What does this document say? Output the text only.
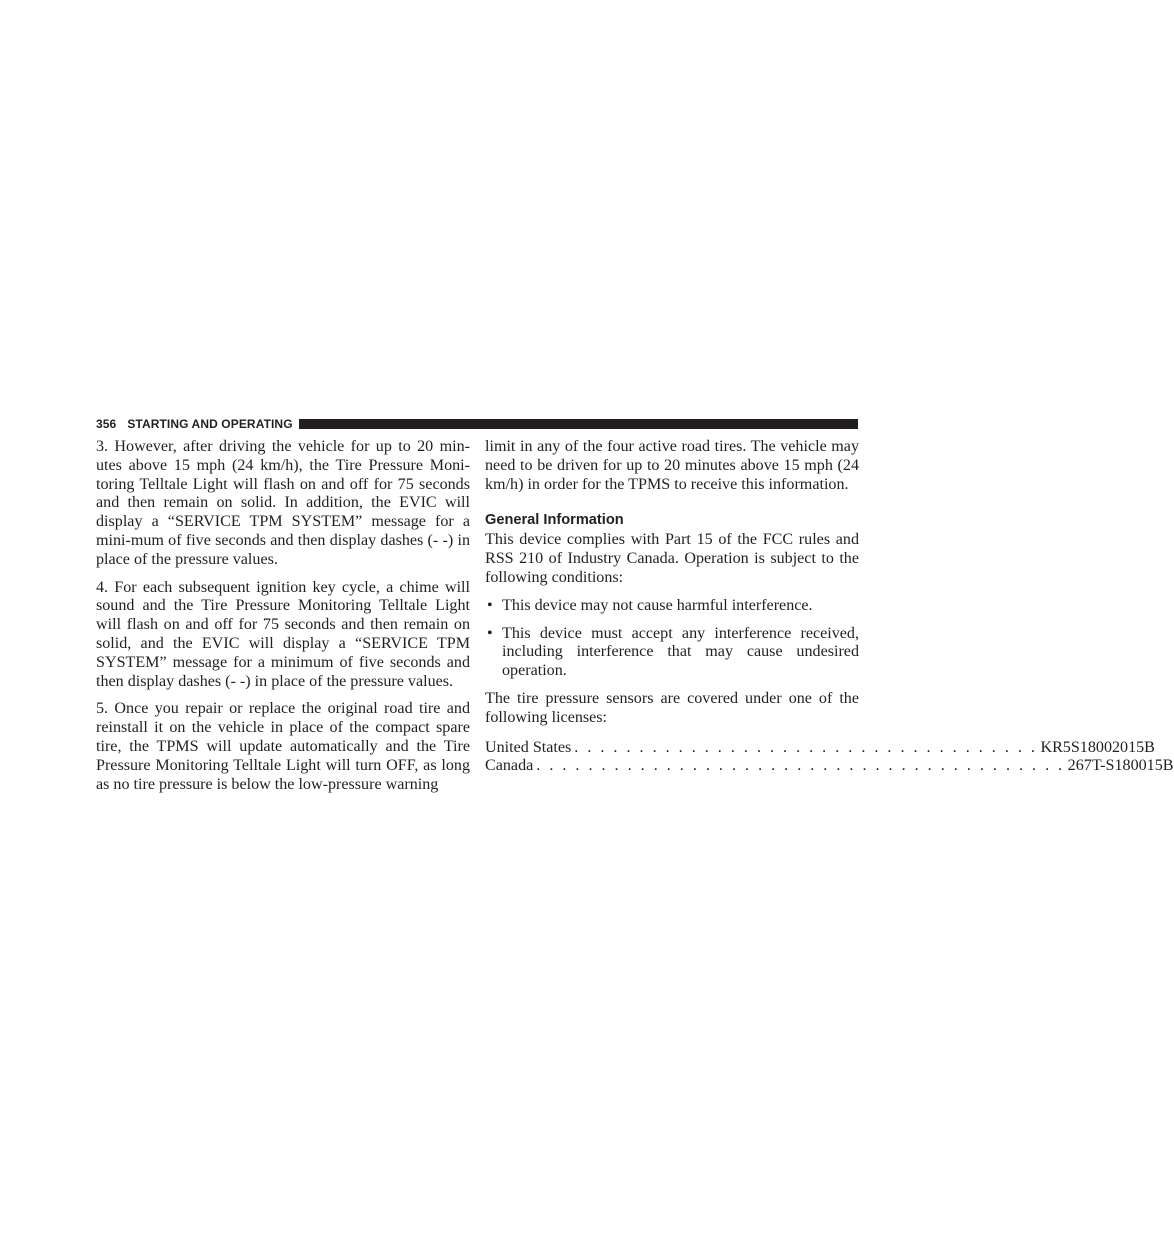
356 STARTING AND OPERATING

3. However, after driving the vehicle for up to 20 min-utes above 15 mph (24 km/h), the Tire Pressure Moni-toring Telltale Light will flash on and off for 75 seconds and then remain on solid. In addition, the EVIC will display a “SERVICE TPM SYSTEM” message for a mini-mum of five seconds and then display dashes (- -) in place of the pressure values.

4. For each subsequent ignition key cycle, a chime will sound and the Tire Pressure Monitoring Telltale Light will flash on and off for 75 seconds and then remain on solid, and the EVIC will display a “SERVICE TPM SYSTEM” message for a minimum of five seconds and then display dashes (- -) in place of the pressure values.

5. Once you repair or replace the original road tire and reinstall it on the vehicle in place of the compact spare tire, the TPMS will update automatically and the Tire Pressure Monitoring Telltale Light will turn OFF, as long as no tire pressure is below the low-pressure warning

limit in any of the four active road tires. The vehicle may need to be driven for up to 20 minutes above 15 mph (24 km/h) in order for the TPMS to receive this information.

General Information

This device complies with Part 15 of the FCC rules and RSS 210 of Industry Canada. Operation is subject to the following conditions:

• This device may not cause harmful interference.
• This device must accept any interference received, including interference that may cause undesired operation.

The tire pressure sensors are covered under one of the following licenses:

United States . . . . . . . . . . . . . . . . . . . . . . . . . . . . . . . . . . . . KR5S18002015B
Canada . . . . . . . . . . . . . . . . . . . . . . . . . . . . . . . . . . . . . . . . . 267T-S180015B
